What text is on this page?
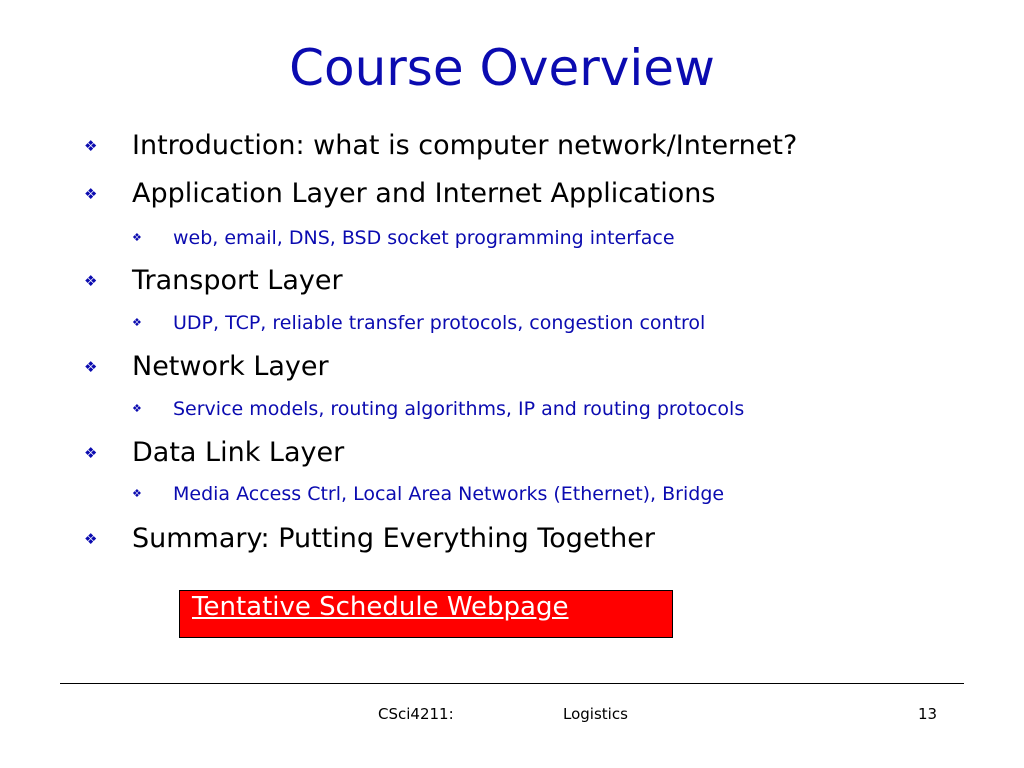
Course Overview
❖ Introduction: what is computer network/Internet?
❖ Application Layer and Internet Applications
❖ web, email, DNS, BSD socket programming interface
❖ Transport Layer
❖ UDP, TCP, reliable transfer protocols, congestion control
❖ Network Layer
❖ Service models, routing algorithms, IP and routing protocols
❖ Data Link Layer
❖ Media Access Ctrl, Local Area Networks (Ethernet), Bridge
❖ Summary: Putting Everything Together
Tentative Schedule Webpage
CSci4211:	Logistics	13
